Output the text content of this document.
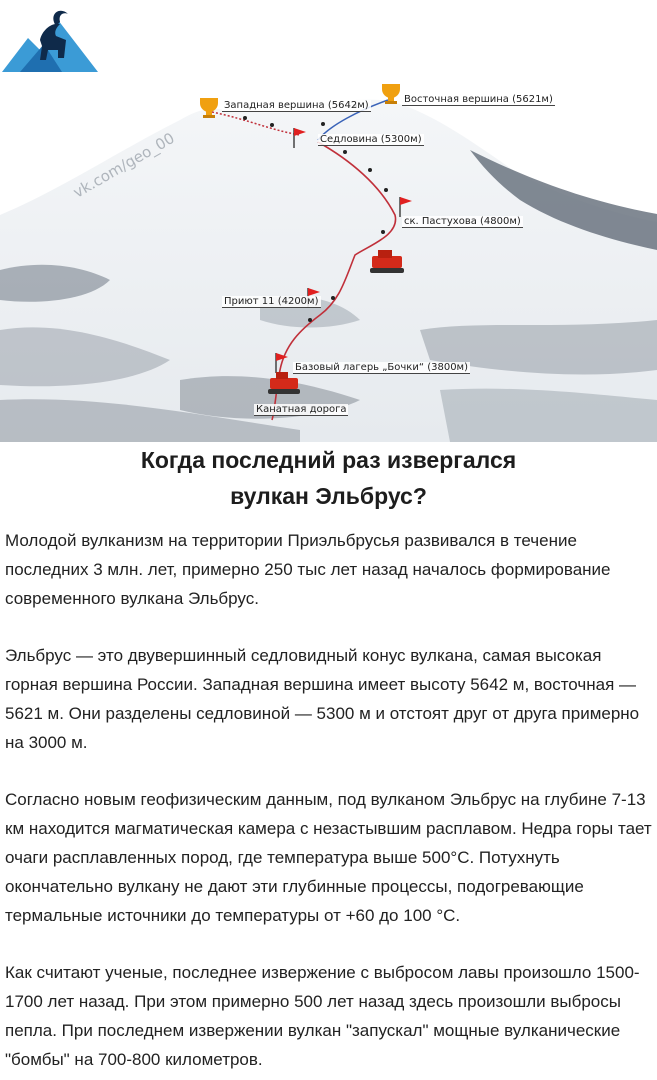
vk.com/geo_00
Западная вершина (5642м)
Восточная вершина (5621м)
Седловина (5300м)
ск. Пастухова (4800м)
Приют 11 (4200м)
Базовый лагерь „Бочки“ (3800м)
Канатная дорога
Когда последний раз извергался
вулкан Эльбрус?

Молодой вулканизм на территории Приэльбрусья развивался в течение последних 3 млн. лет, примерно 250 тыс лет назад началось формирование современного вулкана Эльбрус.

Эльбрус — это двувершинный седловидный конус вулкана, самая высокая горная вершина России. Западная вершина имеет высоту 5642 м, восточная — 5621 м. Они разделены седловиной — 5300 м и отстоят друг от друга примерно на 3000 м.

Согласно новым геофизическим данным, под вулканом Эльбрус на глубине 7-13 км находится магматическая камера с незастывшим расплавом. Недра горы тает очаги расплавленных пород, где температура выше 500°С. Потухнуть окончательно вулкану не дают эти глубинные процессы, подогревающие термальные источники до температуры от +60 до 100 °С.

Как считают ученые, последнее извержение с выбросом лавы произошло 1500-1700 лет назад. При этом примерно 500 лет назад здесь произошли выбросы пепла. При последнем извержении вулкан "запускал" мощные вулканические "бомбы" на 700-800 километров.
